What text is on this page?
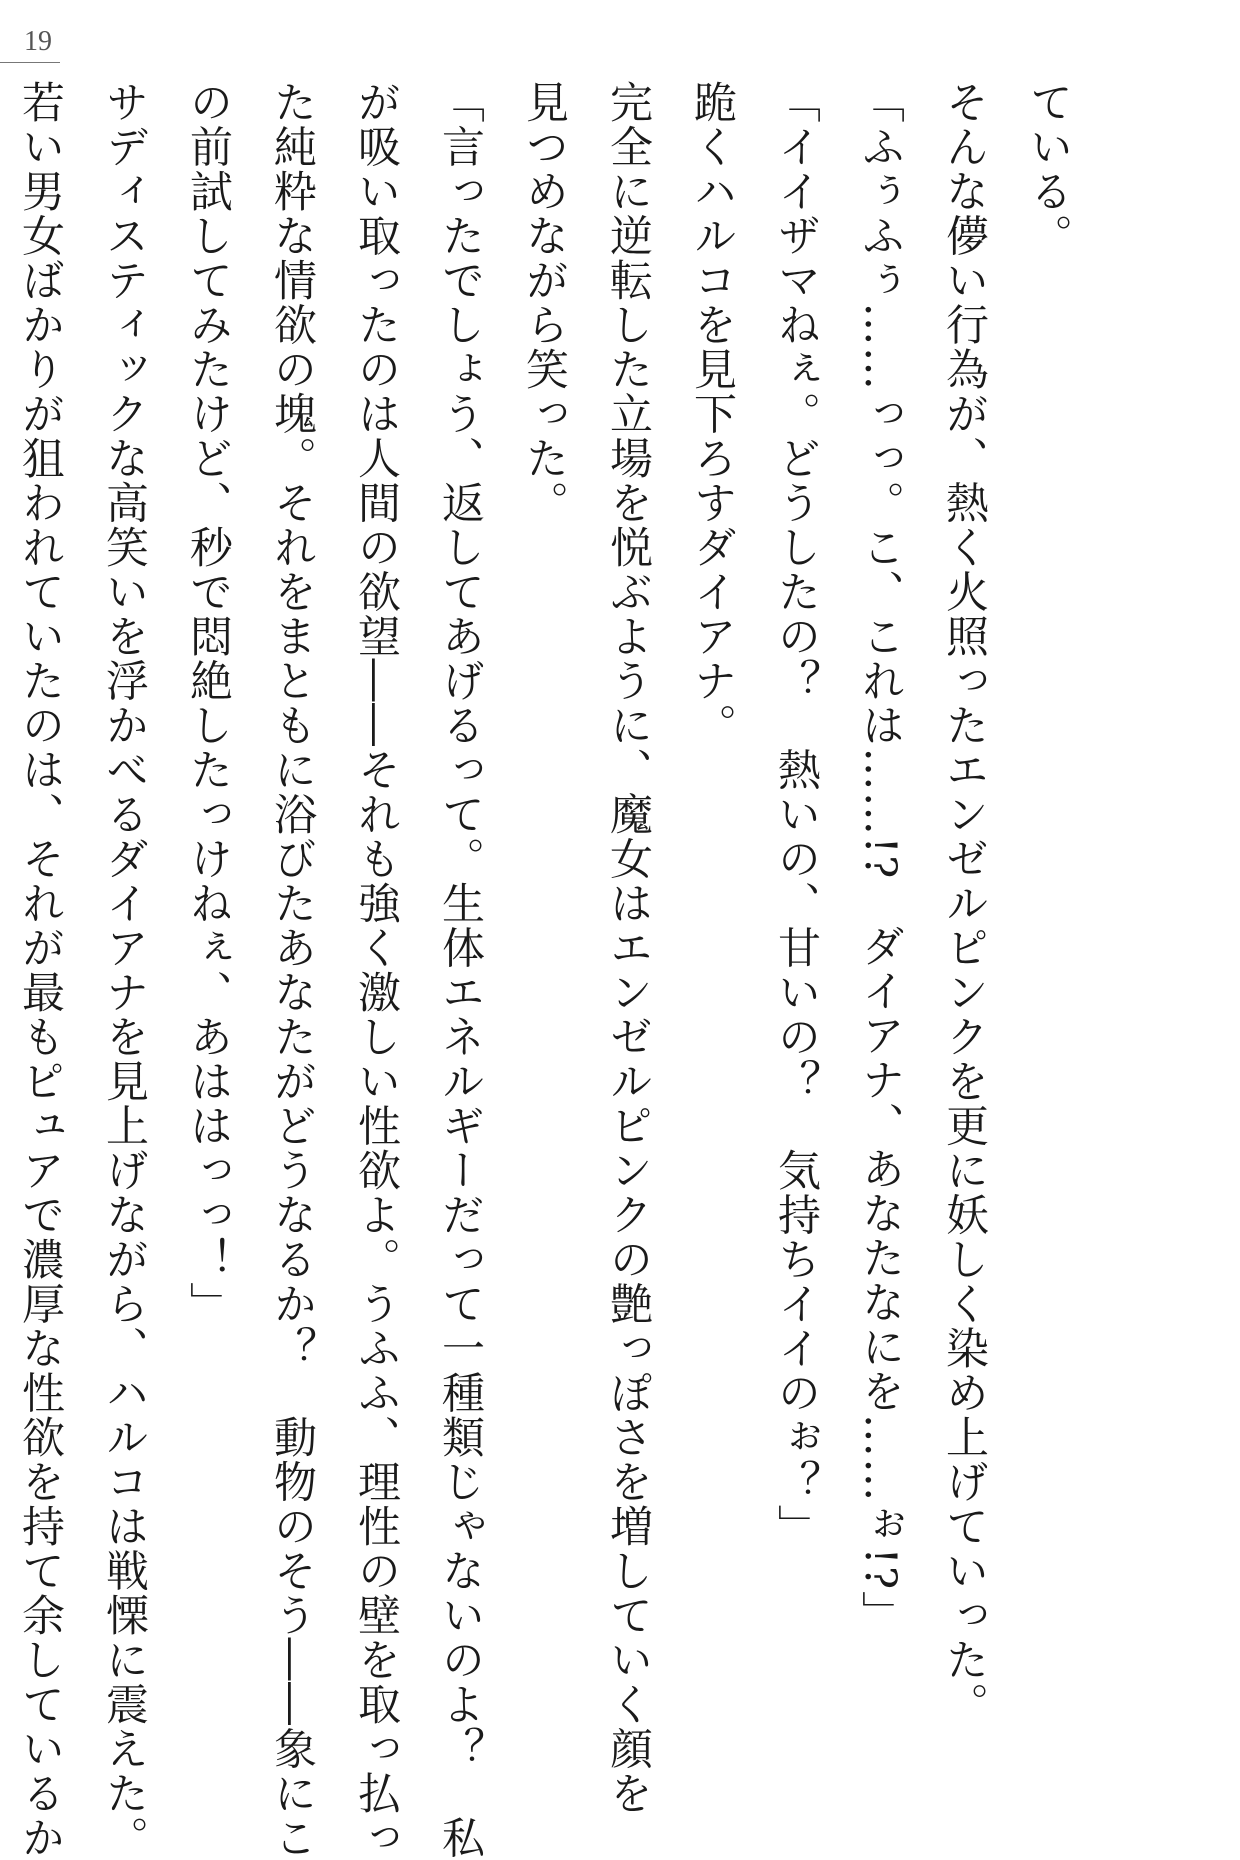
19

ている。

そんな儚い行為が、熱く火照ったエンゼルピンクを更に妖しく染め上げていった。

「ふぅふぅ……っっ。こ、これは……!?　ダイアナ、あなたなにを……ぉ!?」

「イイザマねぇ。どうしたの？　熱いの、甘いの？　気持ちイイのぉ？」

跪くハルコを見下ろすダイアナ。

完全に逆転した立場を悦ぶように、魔女はエンゼルピンクの艶っぽさを増していく顔を

見つめながら笑った。

「言ったでしょう、返してあげるって。生体エネルギーだって一種類じゃないのよ？　私

が吸い取ったのは人間の欲望――それも強く激しい性欲よ。うふふ、理性の壁を取っ払っ

た純粋な情欲の塊。それをまともに浴びたあなたがどうなるか？　動物のそう――象にこ

の前試してみたけど、秒で悶絶したっけねぇ、あははっっ！」

サディスティックな高笑いを浮かべるダイアナを見上げながら、ハルコは戦慄に震えた。

若い男女ばかりが狙われていたのは、それが最もピュアで濃厚な性欲を持て余しているか
